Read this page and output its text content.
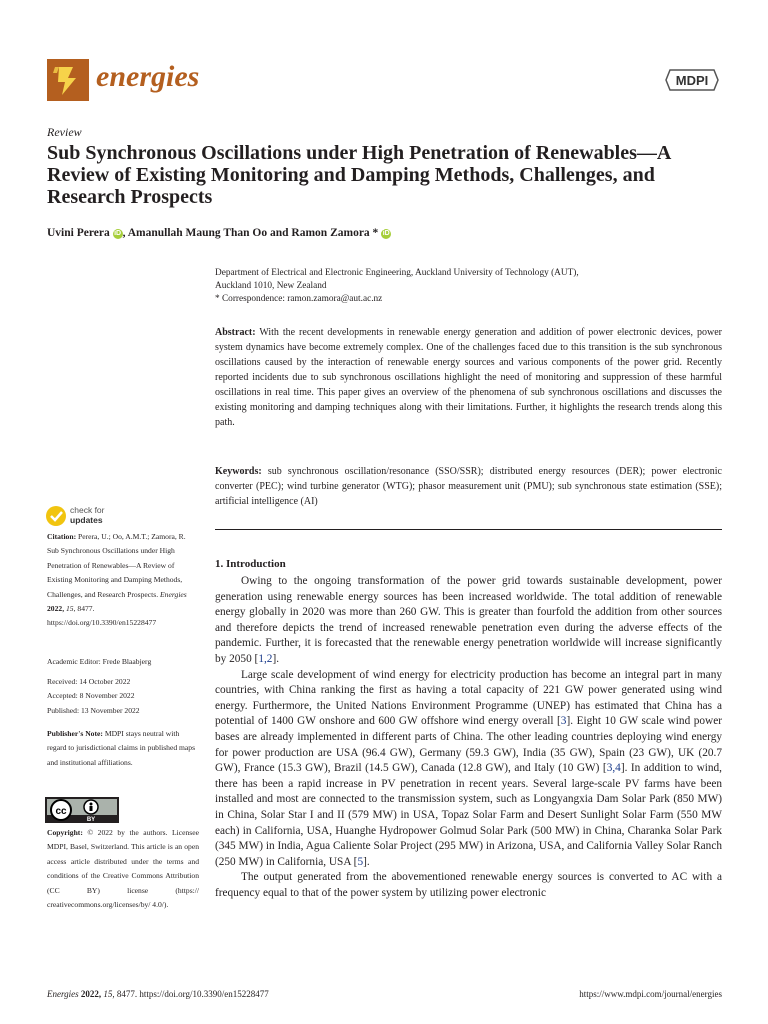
energies	MDPI
Review
Sub Synchronous Oscillations under High Penetration of Renewables—A Review of Existing Monitoring and Damping Methods, Challenges, and Research Prospects
Uvini Perera iD , Amanullah Maung Than Oo and Ramon Zamora * iD
Department of Electrical and Electronic Engineering, Auckland University of Technology (AUT),
Auckland 1010, New Zealand
* Correspondence: ramon.zamora@aut.ac.nz
Abstract: With the recent developments in renewable energy generation and addition of power electronic devices, power system dynamics have become extremely complex. One of the challenges faced due to this transition is the sub synchronous oscillations caused by the interaction of renewable energy sources and various components of the power grid. Recently reported incidents due to sub synchronous oscillations highlight the need of monitoring and suppression of these harmful oscillations in real time. This paper gives an overview of the phenomena of sub synchronous oscillations and discusses the existing monitoring and damping techniques along with their limitations. Further, it highlights the research trends along this path.
Keywords: sub synchronous oscillation/resonance (SSO/SSR); distributed energy resources (DER); power electronic converter (PEC); wind turbine generator (WTG); phasor measurement unit (PMU); sub synchronous state estimation (SSE); artificial intelligence (AI)
check for
updates
Citation: Perera, U.; Oo, A.M.T.; Zamora, R. Sub Synchronous Oscillations under High Penetration of Renewables—A Review of Existing Monitoring and Damping Methods, Challenges, and Research Prospects. Energies 2022, 15, 8477. https://doi.org/10.3390/en15228477
Academic Editor: Frede Blaabjerg
Received: 14 October 2022
Accepted: 8 November 2022
Published: 13 November 2022
Publisher's Note: MDPI stays neutral with regard to jurisdictional claims in published maps and institutional affiliations.
cc
BY
Copyright: © 2022 by the authors. Licensee MDPI, Basel, Switzerland. This article is an open access article distributed under the terms and conditions of the Creative Commons Attribution (CC BY) license (https:// creativecommons.org/licenses/by/ 4.0/).
1. Introduction

Owing to the ongoing transformation of the power grid towards sustainable development, power generation using renewable energy sources has been increased worldwide. The total addition of renewable energy globally in 2020 was more than 260 GW. This is greater than fourfold the addition from other sources and therefore depicts the trend of increased renewable penetration even during the adverse effects of the pandemic. Further, it is forecasted that the renewable energy penetration worldwide will increase significantly by 2050 [1,2].

Large scale development of wind energy for electricity production has become an integral part in many countries, with China ranking the first as having a total capacity of 221 GW power generated using wind energy. Furthermore, the United Nations Environment Programme (UNEP) has estimated that China has a potential of 1400 GW onshore and 600 GW offshore wind energy overall [3]. Eight 10 GW scale wind power bases are already implemented in different parts of China. The other leading countries deploying wind energy for power production are USA (96.4 GW), Germany (59.3 GW), India (35 GW), Spain (23 GW), UK (20.7 GW), France (15.3 GW), Brazil (14.5 GW), Canada (12.8 GW), and Italy (10 GW) [3,4]. In addition to wind, there has been a rapid increase in PV penetration in recent years. Several large-scale PV farms have been installed and most are connected to the transmission system, such as Longyangxia Dam Solar Park (850 MW) in China, Solar Star I and II (579 MW) in USA, Topaz Solar Farm and Desert Sunlight Solar Farm (550 MW each) in California, USA, Huanghe Hydropower Golmud Solar Park (500 MW) in China, Charanka Solar Park (345 MW) in India, Agua Caliente Solar Project (295 MW) in Arizona, USA, and California Valley Solar Ranch (250 MW) in California, USA [5].

The output generated from the abovementioned renewable energy sources is converted to AC with a frequency equal to that of the power system by utilizing power electronic

Energies 2022, 15, 8477. https://doi.org/10.3390/en15228477	https://www.mdpi.com/journal/energies
